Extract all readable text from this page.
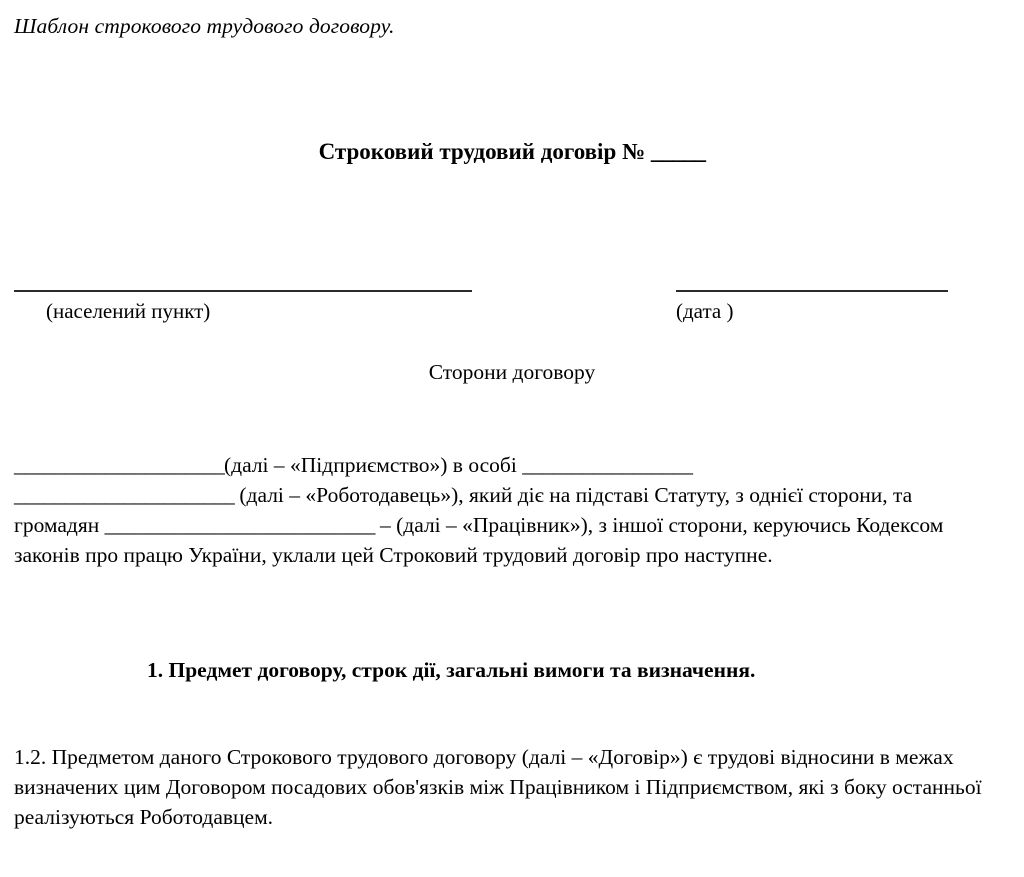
Шаблон строкового трудового договору.
Строковий трудовий договір № _____
(населений пункт)	(дата )
Сторони договору

_____________________(далі – «Підприємство») в особі _________________
______________________ (далі – «Роботодавець»), який діє на підставі Статуту, з однієї сторони, та громадян ___________________________ – (далі – «Працівник»), з іншої сторони, керуючись Кодексом законів про працю України, уклали цей Строковий трудовий договір про наступне.

1. Предмет договору, строк дії, загальні вимоги та визначення.

1.2. Предметом даного Строкового трудового договору (далі – «Договір») є трудові відносини в межах визначених цим Договором посадових обов'язків між Працівником і Підприємством, які з боку останньої реалізуються Роботодавцем.
